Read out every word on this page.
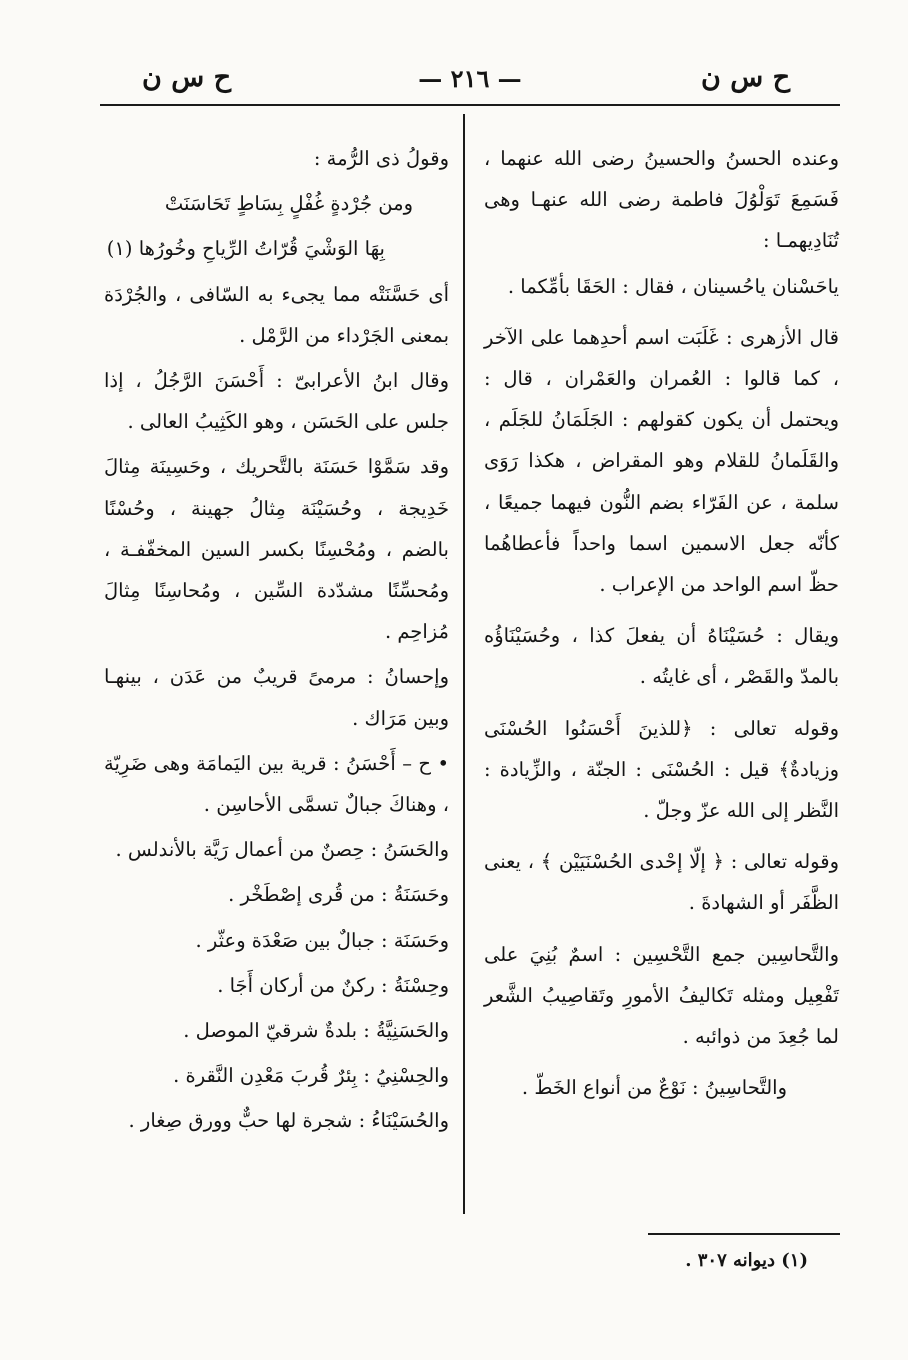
ح س ن
— ٢١٦ —
ح س ن

وعنده الحسنُ والحسينُ رضى الله عنهما ، فَسَمِعَ تَوَلْوُلَ فاطمة رضى الله عنهـا وهى تُنَادِيهمـا :

ياحَسْنان ياحُسينان ، فقال : الحَقَا بأمِّكما .

قال الأزهرى : غَلَبَت اسم أحدِهما على الآخر ، كما قالوا : العُمران والعَمْران ، قال : ويحتمل أن يكون كقولهم : الجَلَمَانُ للجَلَم ، والقَلَمانُ للقلام وهو المقراض ، هكذا رَوَى سلمة ، عن الفَرّاء بضم النُّون فيهما جميعًا ، كأنّه جعل الاسمين اسما واحداً فأعطاهُما حظّ اسم الواحد من الإعراب .

ويقال : حُسَيْنَاهُ أن يفعلَ كذا ، وحُسَيْنَاؤُه بالمدّ والقَصْر ، أى غايتُه .

وقوله تعالى : ﴿للذينَ أَحْسَنُوا الحُسْنَى وزيادةٌ﴾ قيل : الحُسْنَى : الجنّة ، والزِّيادة : النَّظر إلى الله عزّ وجلّ .

وقوله تعالى : ﴿ إلّا إحْدى الحُسْنَيَيْن ﴾ ، يعنى الظَّفَر أو الشهادةَ .

والتَّحاسِين جمع التَّحْسِين : اسمٌ بُنِيَ على تَفْعِيل ومثله تَكاليفُ الأمورِ وتَقاصِيبُ الشَّعر لما جُعِدَ من ذوائبه .

والتَّحاسِينُ : نَوْعٌ من أنواع الخَطّ .

وقولُ ذى الرُّمة :

ومن جُرْدةٍ غُفْلٍ بِسَاطٍ تَحَاسَنَتْ

بِهَا الوَشْيَ قُرّاتُ الرِّياحِ وخُورُها (١)

أى حَسَّنَتْه مما يجىء به السّافى ، والجُرْدَة بمعنى الجَرْداء من الرَّمْل .

وقال ابنُ الأعرابىّ : أَحْسَنَ الرَّجُلُ ، إذا جلس على الحَسَن ، وهو الكَثِيبُ العالى .

وقد سَمَّوْا حَسَنَة بالتَّحريك ، وحَسِينَة مِثالَ خَدِيجة ، وحُسَيْنَة مِثالُ جهينة ، وحُسْنًا بالضم ، ومُحْسِنًا بكسر السين المخفّفـة ، ومُحسِّنًا مشدّدة السِّين ، ومُحاسِنًا مِثالَ مُزاحِم .

وإحسانُ : مرمىً قريبٌ من عَدَن ، بينهـا وبين مَرَاك .

• ح – أَحْسَنُ : قرية بين اليَمامَة وهى ضَرِيّة ، وهناكَ جبالٌ تسمَّى الأحاسِن .

والحَسَنُ : حِصنٌ من أعمال رَيَّة بالأندلس .

وحَسَنَةُ : من قُرى إصْطَخْر .

وحَسَنَة : جبالٌ بين صَعْدَة وعثّر .

وحِسْنَةُ : ركنٌ من أركان أَجَا .

والحَسَنِيَّةُ : بلدةٌ شرقيّ الموصل .

والحِسْنِيُ : بِئرٌ قُربَ مَعْدِن النَّقرة .

والحُسَيْنَاءُ : شجرة لها حبٌّ وورق صِغار .

(١) ديوانه ٣٠٧ .
